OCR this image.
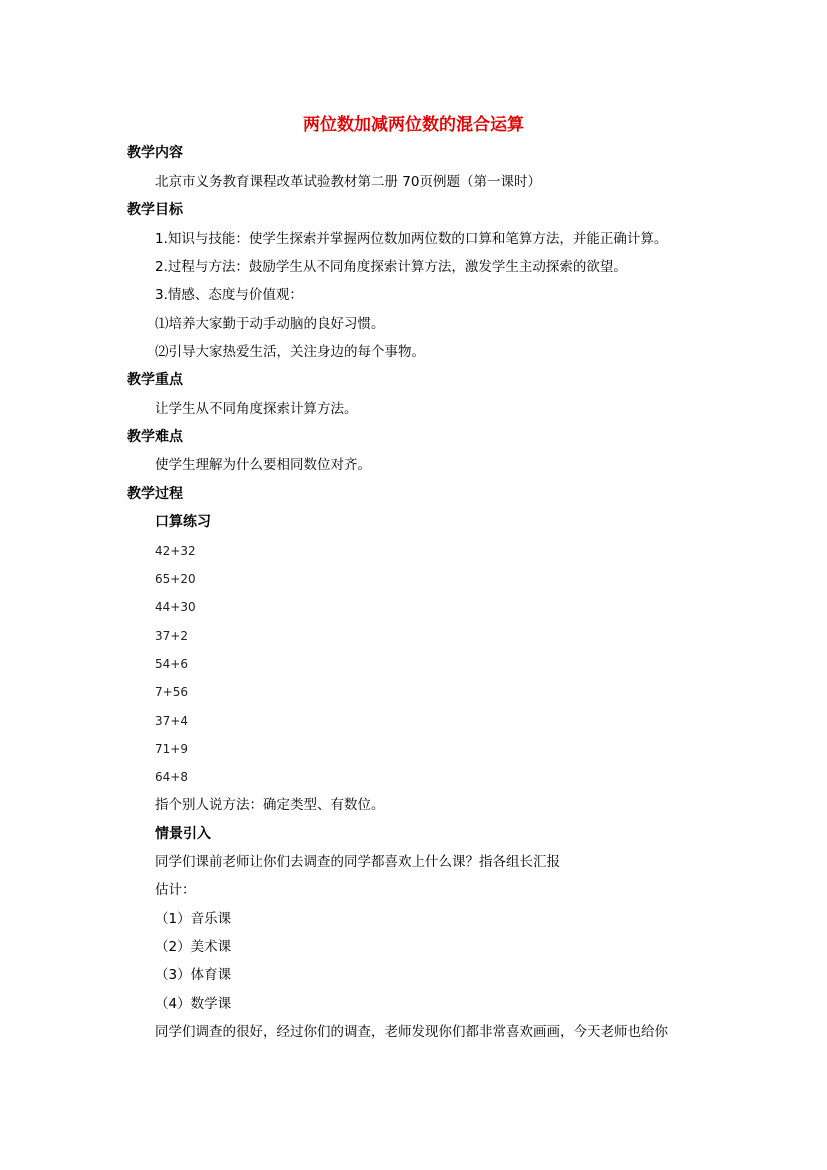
两位数加减两位数的混合运算
教学内容
北京市义务教育课程改革试验教材第二册 70页例题（第一课时）
教学目标
1.知识与技能：使学生探索并掌握两位数加两位数的口算和笔算方法，并能正确计算。
2.过程与方法：鼓励学生从不同角度探索计算方法，激发学生主动探索的欲望。
3.情感、态度与价值观：
⑴培养大家勤于动手动脑的良好习惯。
⑵引导大家热爱生活，关注身边的每个事物。
教学重点
让学生从不同角度探索计算方法。
教学难点
使学生理解为什么要相同数位对齐。
教学过程
口算练习
42+32
65+20
44+30
37+2
54+6
7+56
37+4
71+9
64+8
指个别人说方法：确定类型、有数位。
情景引入
同学们课前老师让你们去调查的同学都喜欢上什么课？指各组长汇报
估计：
（1）音乐课
（2）美术课
（3）体育课
（4）数学课
同学们调查的很好，经过你们的调查，老师发现你们都非常喜欢画画，今天老师也给你
